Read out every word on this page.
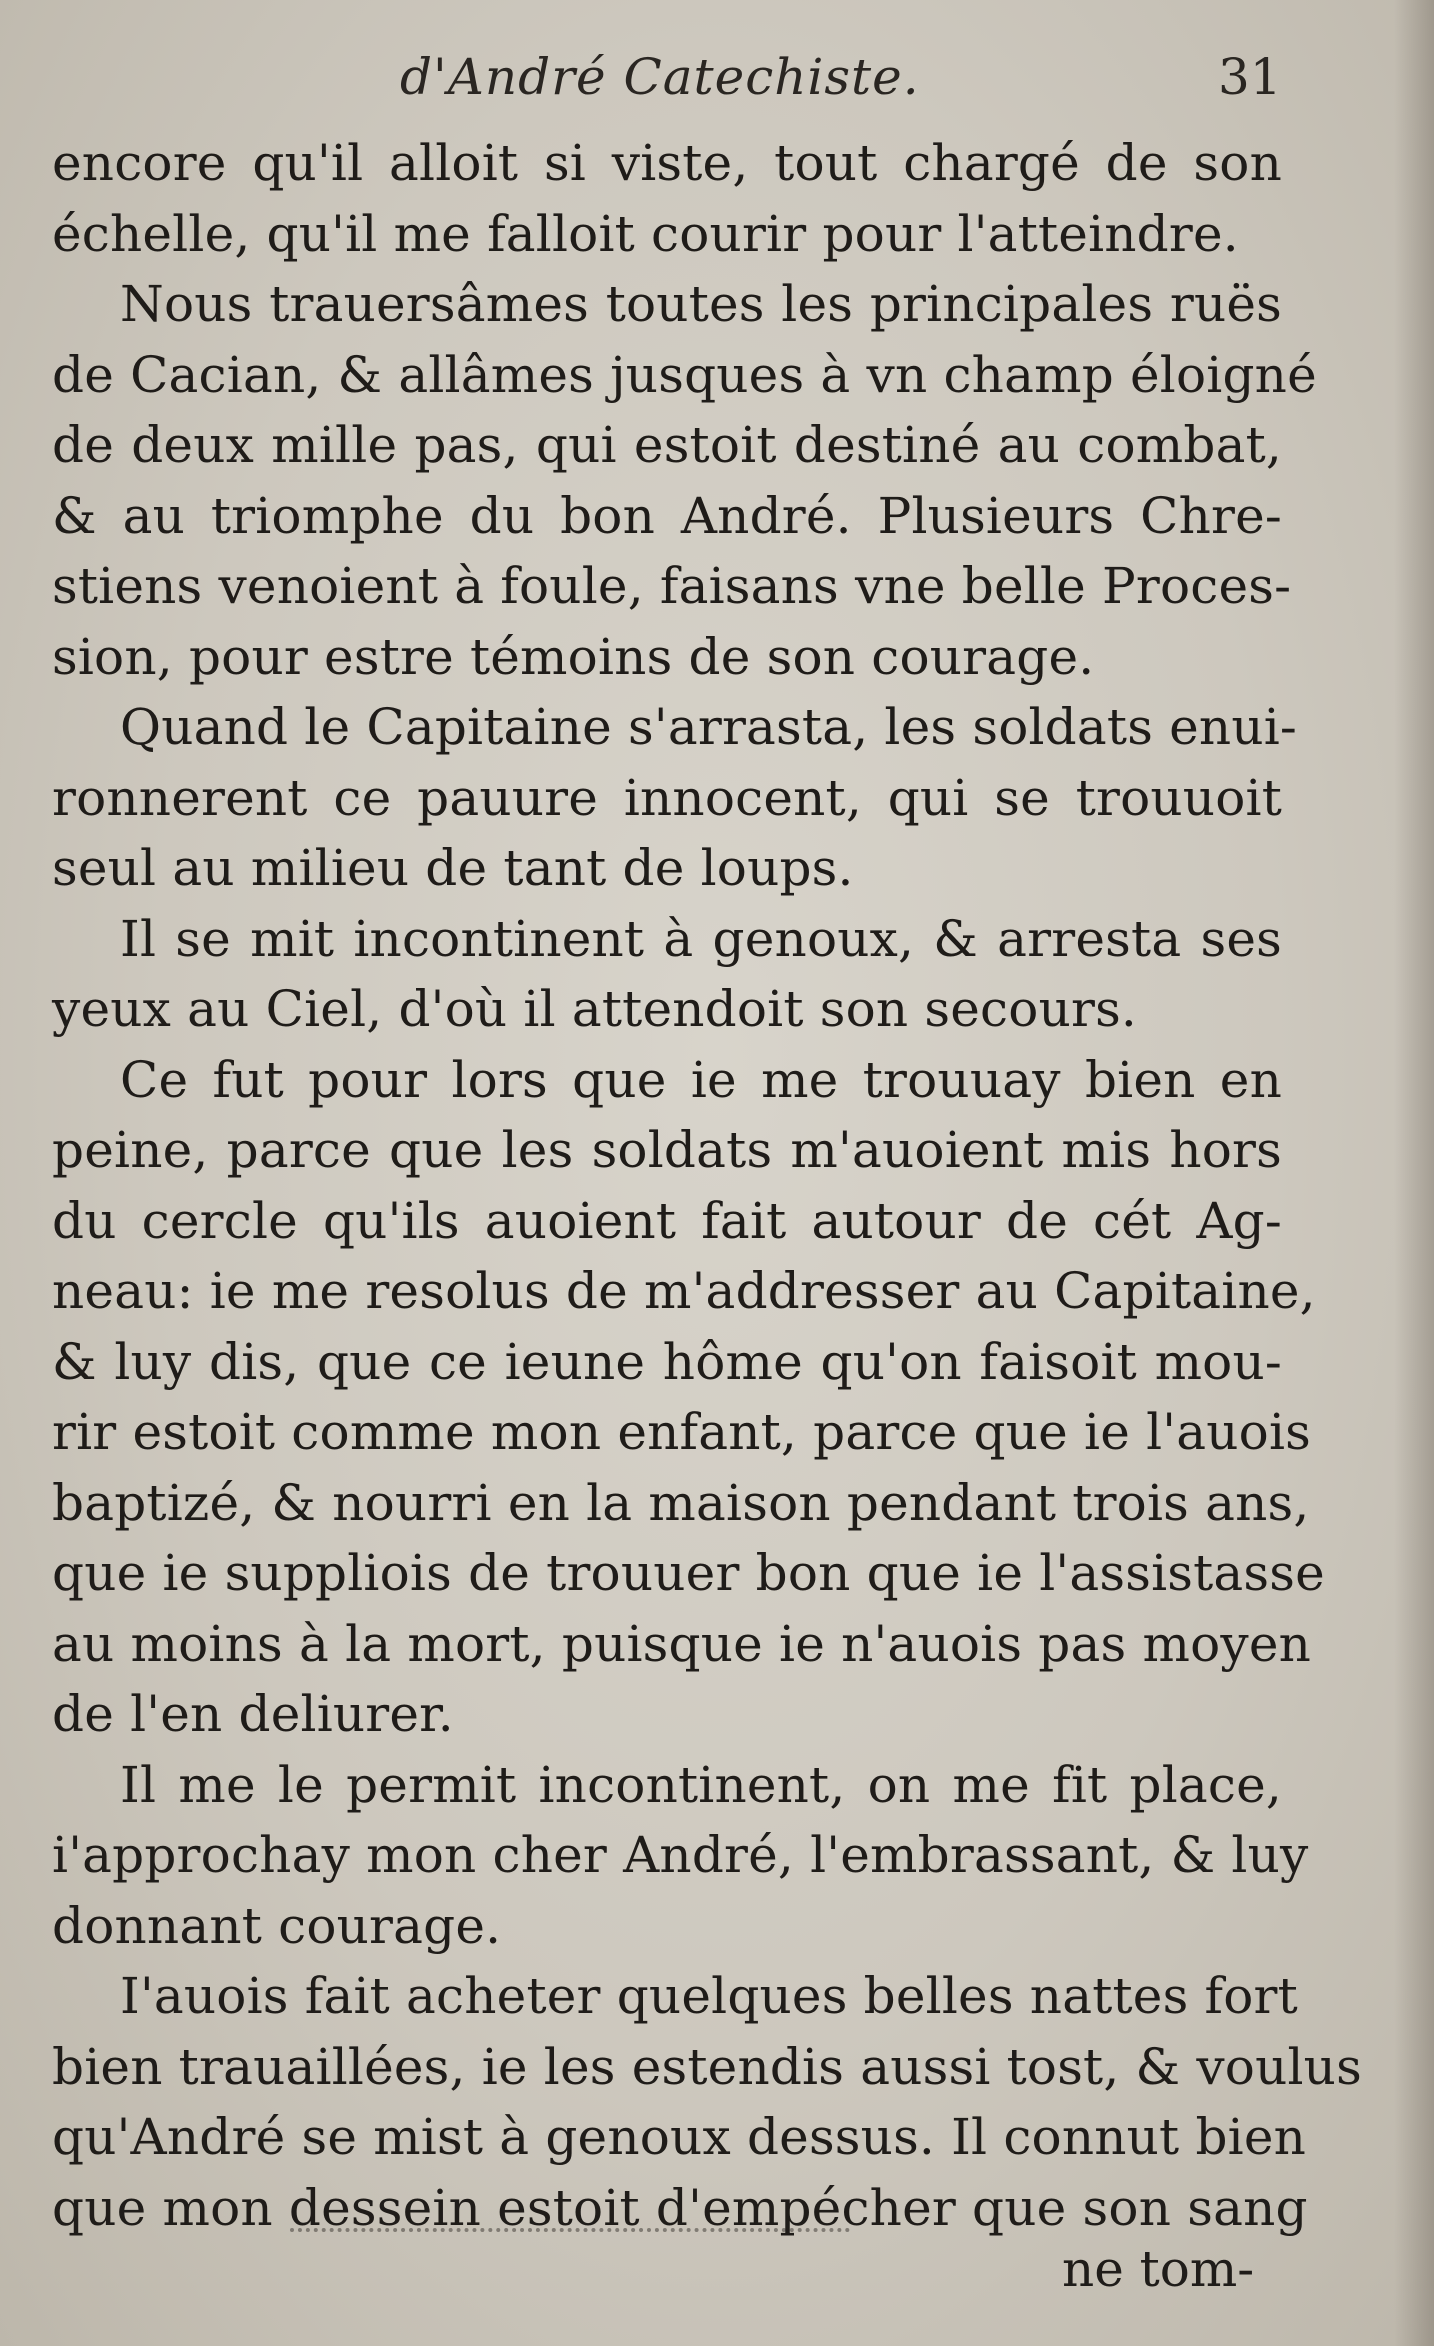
d'André Catechiste.	31
encore qu'il alloit si viste, tout chargé de son
échelle, qu'il me falloit courir pour l'atteindre.
Nous trauersâmes toutes les principales ruës
de Cacian, & allâmes jusques à vn champ éloigné
de deux mille pas, qui estoit destiné au combat,
& au triomphe du bon André. Plusieurs Chre-
stiens venoient à foule, faisans vne belle Proces-
sion, pour estre témoins de son courage.
Quand le Capitaine s'arrasta, les soldats enui-
ronnerent ce pauure innocent, qui se trouuoit
seul au milieu de tant de loups.
Il se mit incontinent à genoux, & arresta ses
yeux au Ciel, d'où il attendoit son secours.
Ce fut pour lors que ie me trouuay bien en
peine, parce que les soldats m'auoient mis hors
du cercle qu'ils auoient fait autour de cét Ag-
neau: ie me resolus de m'addresser au Capitaine,
& luy dis, que ce ieune hôme qu'on faisoit mou-
rir estoit comme mon enfant, parce que ie l'auois
baptizé, & nourri en la maison pendant trois ans,
que ie suppliois de trouuer bon que ie l'assistasse
au moins à la mort, puisque ie n'auois pas moyen
de l'en deliurer.
Il me le permit incontinent, on me fit place,
i'approchay mon cher André, l'embrassant, & luy
donnant courage.
I'auois fait acheter quelques belles nattes fort
bien trauaillées, ie les estendis aussi tost, & voulus
qu'André se mist à genoux dessus. Il connut bien
que mon dessein estoit d'empécher que son sang
ne tom-
